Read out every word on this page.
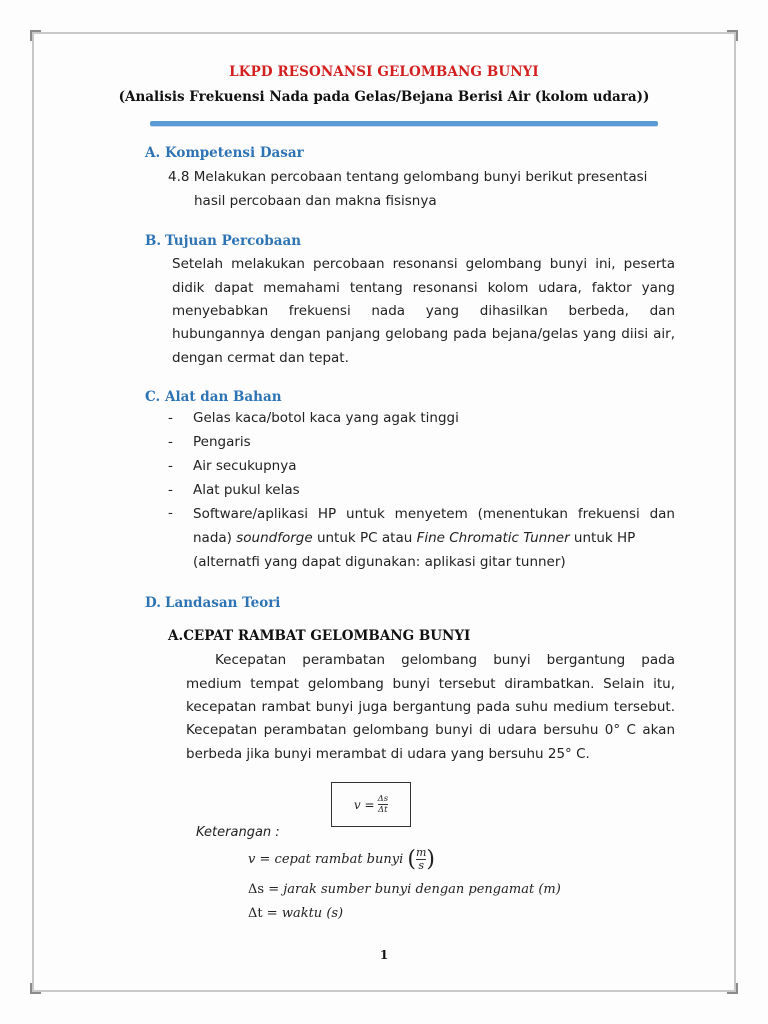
LKPD RESONANSI GELOMBANG BUNYI
(Analisis Frekuensi Nada pada Gelas/Bejana Berisi Air (kolom udara))
A. Kompetensi Dasar
4.8 Melakukan percobaan tentang gelombang bunyi berikut presentasi
hasil percobaan dan makna fisisnya
B. Tujuan Percobaan
Setelah melakukan percobaan resonansi gelombang bunyi ini, peserta
didik dapat memahami tentang resonansi kolom udara, faktor yang
menyebabkan frekuensi nada yang dihasilkan berbeda, dan
hubungannya dengan panjang gelobang pada bejana/gelas yang diisi air,
dengan cermat dan tepat.
C. Alat dan Bahan
- Gelas kaca/botol kaca yang agak tinggi
- Pengaris
- Air secukupnya
- Alat pukul kelas
- Software/aplikasi HP untuk menyetem (menentukan frekuensi dan
nada) soundforge untuk PC atau Fine Chromatic Tunner untuk HP
(alternatfi yang dapat digunakan: aplikasi gitar tunner)
D. Landasan Teori
A.CEPAT RAMBAT GELOMBANG BUNYI
Kecepatan perambatan gelombang bunyi bergantung pada
medium tempat gelombang bunyi tersebut dirambatkan. Selain itu,
kecepatan rambat bunyi juga bergantung pada suhu medium tersebut.
Kecepatan perambatan gelombang bunyi di udara bersuhu 0° C akan
berbeda jika bunyi merambat di udara yang bersuhu 25° C.
$v = \frac{\Delta s}{\Delta t}$
Keterangan :
v = cepat rambat bunyi ( $\frac{m}{s}$ )
Δs = jarak sumber bunyi dengan pengamat (m)
Δt = waktu (s)
1
